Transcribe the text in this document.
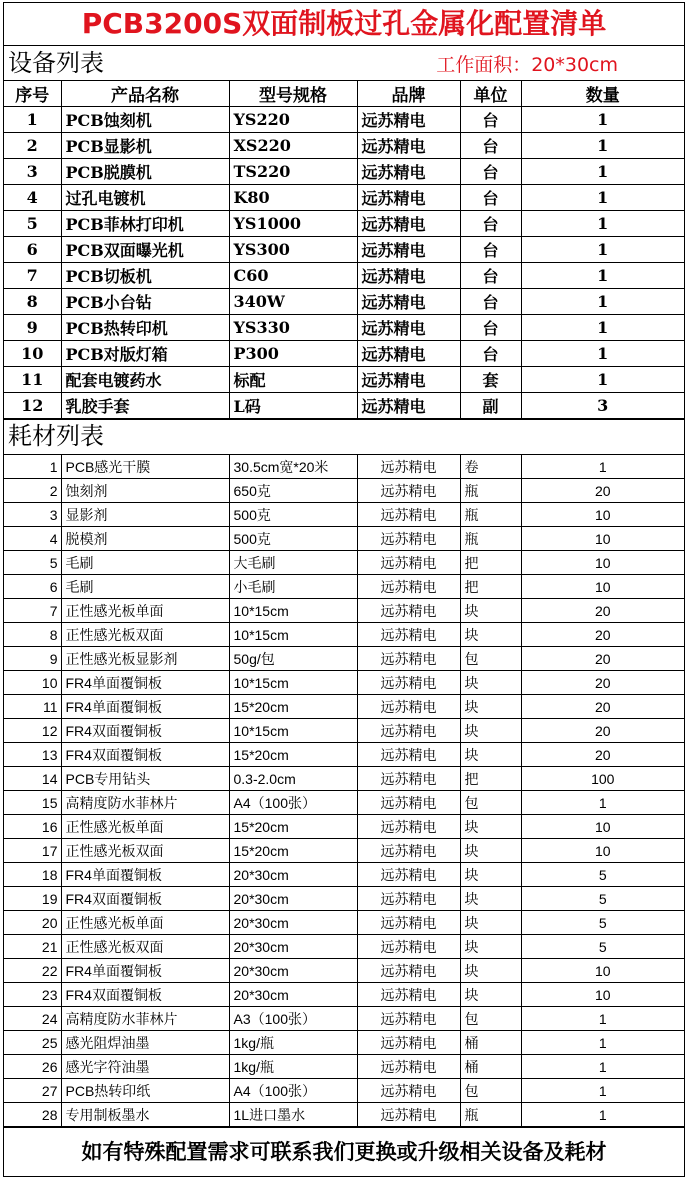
PCB3200S双面制板过孔金属化配置清单
设备列表	工作面积：20*30cm
序号	产品名称	型号规格	品牌	单位	数量
1	PCB蚀刻机	YS220	远苏精电	台	1
2	PCB显影机	XS220	远苏精电	台	1
3	PCB脱膜机	TS220	远苏精电	台	1
4	过孔电镀机	K80	远苏精电	台	1
5	PCB菲林打印机	YS1000	远苏精电	台	1
6	PCB双面曝光机	YS300	远苏精电	台	1
7	PCB切板机	C60	远苏精电	台	1
8	PCB小台钻	340W	远苏精电	台	1
9	PCB热转印机	YS330	远苏精电	台	1
10	PCB对版灯箱	P300	远苏精电	台	1
11	配套电镀药水	标配	远苏精电	套	1
12	乳胶手套	L码	远苏精电	副	3
耗材列表
1	PCB感光干膜	30.5cm宽*20米	远苏精电	卷	1
2	蚀刻剂	650克	远苏精电	瓶	20
3	显影剂	500克	远苏精电	瓶	10
4	脱模剂	500克	远苏精电	瓶	10
5	毛刷	大毛刷	远苏精电	把	10
6	毛刷	小毛刷	远苏精电	把	10
7	正性感光板单面	10*15cm	远苏精电	块	20
8	正性感光板双面	10*15cm	远苏精电	块	20
9	正性感光板显影剂	50g/包	远苏精电	包	20
10	FR4单面覆铜板	10*15cm	远苏精电	块	20
11	FR4单面覆铜板	15*20cm	远苏精电	块	20
12	FR4双面覆铜板	10*15cm	远苏精电	块	20
13	FR4双面覆铜板	15*20cm	远苏精电	块	20
14	PCB专用钻头	0.3-2.0cm	远苏精电	把	100
15	高精度防水菲林片	A4（100张）	远苏精电	包	1
16	正性感光板单面	15*20cm	远苏精电	块	10
17	正性感光板双面	15*20cm	远苏精电	块	10
18	FR4单面覆铜板	20*30cm	远苏精电	块	5
19	FR4双面覆铜板	20*30cm	远苏精电	块	5
20	正性感光板单面	20*30cm	远苏精电	块	5
21	正性感光板双面	20*30cm	远苏精电	块	5
22	FR4单面覆铜板	20*30cm	远苏精电	块	10
23	FR4双面覆铜板	20*30cm	远苏精电	块	10
24	高精度防水菲林片	A3（100张）	远苏精电	包	1
25	感光阻焊油墨	1kg/瓶	远苏精电	桶	1
26	感光字符油墨	1kg/瓶	远苏精电	桶	1
27	PCB热转印纸	A4（100张）	远苏精电	包	1
28	专用制板墨水	1L进口墨水	远苏精电	瓶	1
如有特殊配置需求可联系我们更换或升级相关设备及耗材
